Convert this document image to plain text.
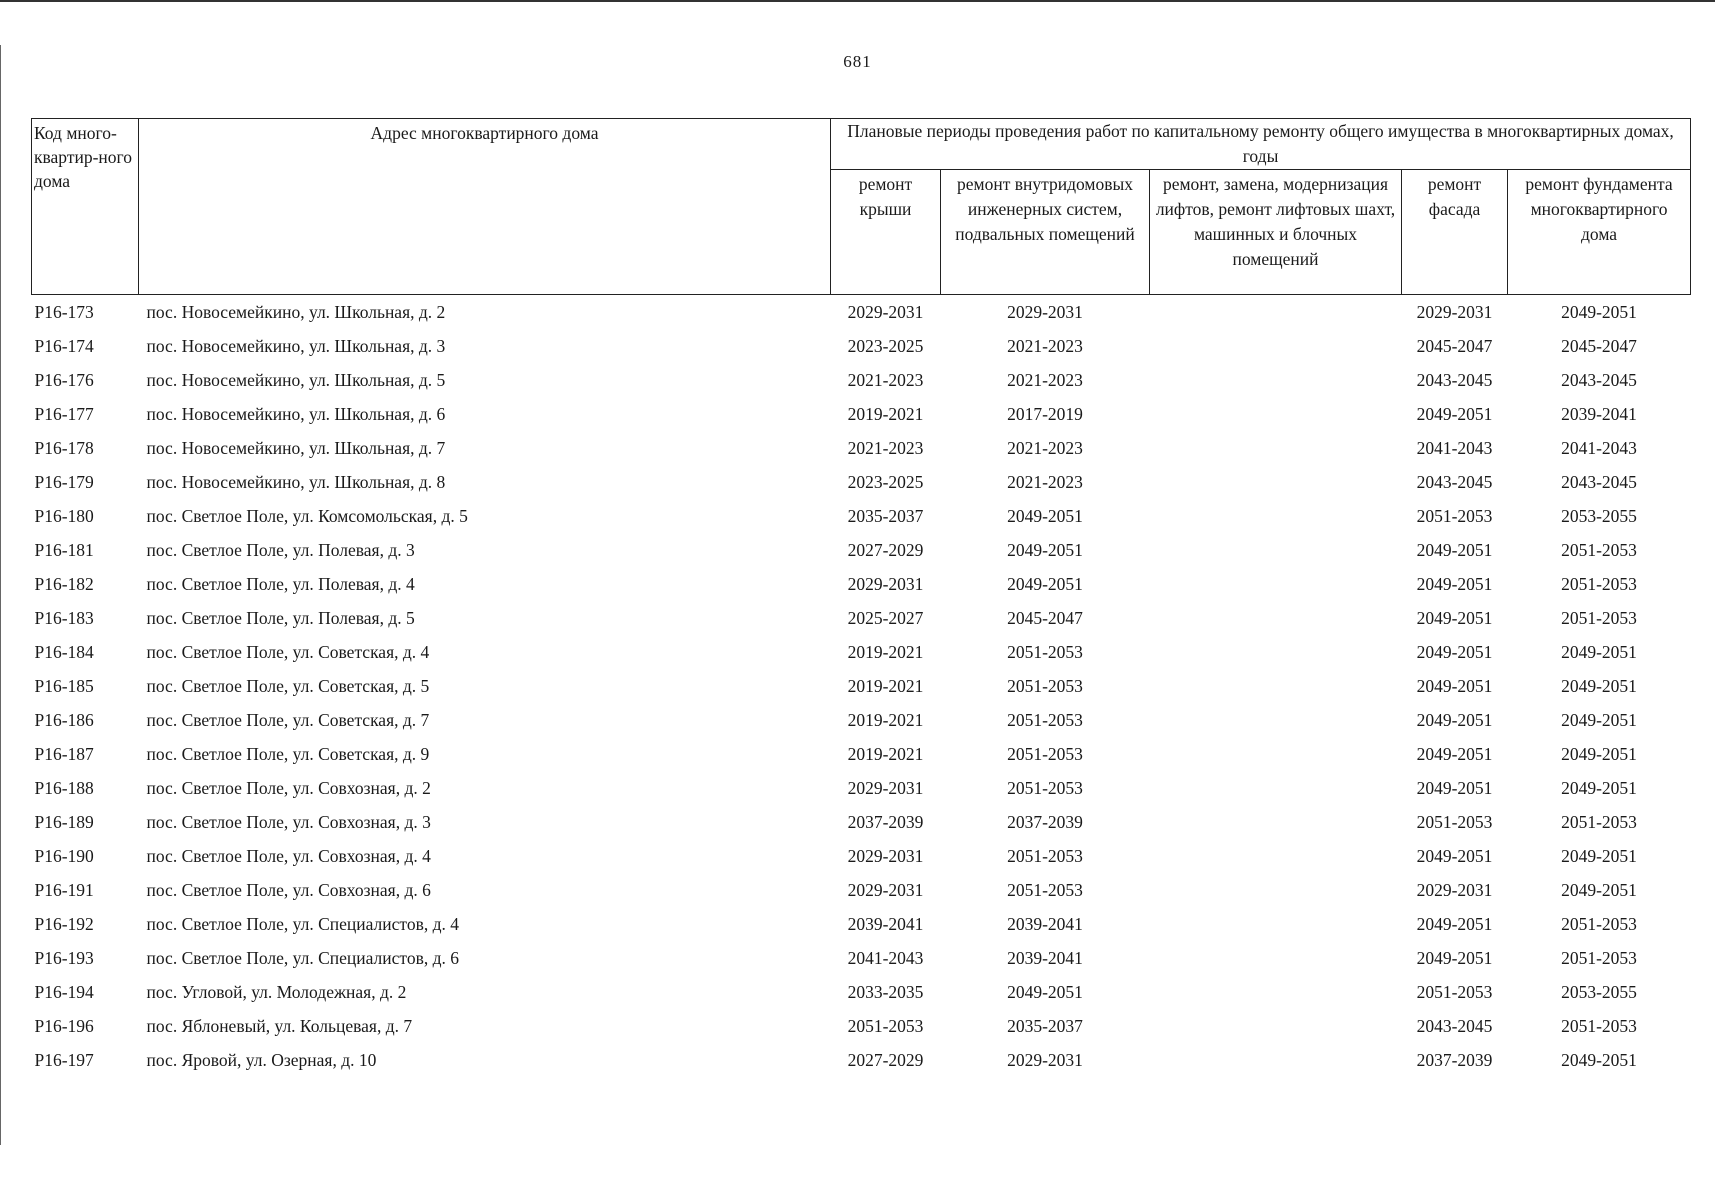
681
Код много-квартир-ного дома	Адрес многоквартирного дома	Плановые периоды проведения работ по капитальному ремонту общего имущества в многоквартирных домах, годы				
		ремонт крыши	ремонт внутридомовых инженерных систем, подвальных помещений	ремонт, замена, модернизация лифтов, ремонт лифтовых шахт, машинных и блочных помещений	ремонт фасада	ремонт фундамента многоквартирного дома
Р16-173	пос. Новосемейкино, ул. Школьная, д. 2	2029-2031	2029-2031		2029-2031	2049-2051
Р16-174	пос. Новосемейкино, ул. Школьная, д. 3	2023-2025	2021-2023		2045-2047	2045-2047
Р16-176	пос. Новосемейкино, ул. Школьная, д. 5	2021-2023	2021-2023		2043-2045	2043-2045
Р16-177	пос. Новосемейкино, ул. Школьная, д. 6	2019-2021	2017-2019		2049-2051	2039-2041
Р16-178	пос. Новосемейкино, ул. Школьная, д. 7	2021-2023	2021-2023		2041-2043	2041-2043
Р16-179	пос. Новосемейкино, ул. Школьная, д. 8	2023-2025	2021-2023		2043-2045	2043-2045
Р16-180	пос. Светлое Поле, ул. Комсомольская, д. 5	2035-2037	2049-2051		2051-2053	2053-2055
Р16-181	пос. Светлое Поле, ул. Полевая, д. 3	2027-2029	2049-2051		2049-2051	2051-2053
Р16-182	пос. Светлое Поле, ул. Полевая, д. 4	2029-2031	2049-2051		2049-2051	2051-2053
Р16-183	пос. Светлое Поле, ул. Полевая, д. 5	2025-2027	2045-2047		2049-2051	2051-2053
Р16-184	пос. Светлое Поле, ул. Советская, д. 4	2019-2021	2051-2053		2049-2051	2049-2051
Р16-185	пос. Светлое Поле, ул. Советская, д. 5	2019-2021	2051-2053		2049-2051	2049-2051
Р16-186	пос. Светлое Поле, ул. Советская, д. 7	2019-2021	2051-2053		2049-2051	2049-2051
Р16-187	пос. Светлое Поле, ул. Советская, д. 9	2019-2021	2051-2053		2049-2051	2049-2051
Р16-188	пос. Светлое Поле, ул. Совхозная, д. 2	2029-2031	2051-2053		2049-2051	2049-2051
Р16-189	пос. Светлое Поле, ул. Совхозная, д. 3	2037-2039	2037-2039		2051-2053	2051-2053
Р16-190	пос. Светлое Поле, ул. Совхозная, д. 4	2029-2031	2051-2053		2049-2051	2049-2051
Р16-191	пос. Светлое Поле, ул. Совхозная, д. 6	2029-2031	2051-2053		2029-2031	2049-2051
Р16-192	пос. Светлое Поле, ул. Специалистов, д. 4	2039-2041	2039-2041		2049-2051	2051-2053
Р16-193	пос. Светлое Поле, ул. Специалистов, д. 6	2041-2043	2039-2041		2049-2051	2051-2053
Р16-194	пос. Угловой, ул. Молодежная, д. 2	2033-2035	2049-2051		2051-2053	2053-2055
Р16-196	пос. Яблоневый, ул. Кольцевая, д. 7	2051-2053	2035-2037		2043-2045	2051-2053
Р16-197	пос. Яровой, ул. Озерная, д. 10	2027-2029	2029-2031		2037-2039	2049-2051
